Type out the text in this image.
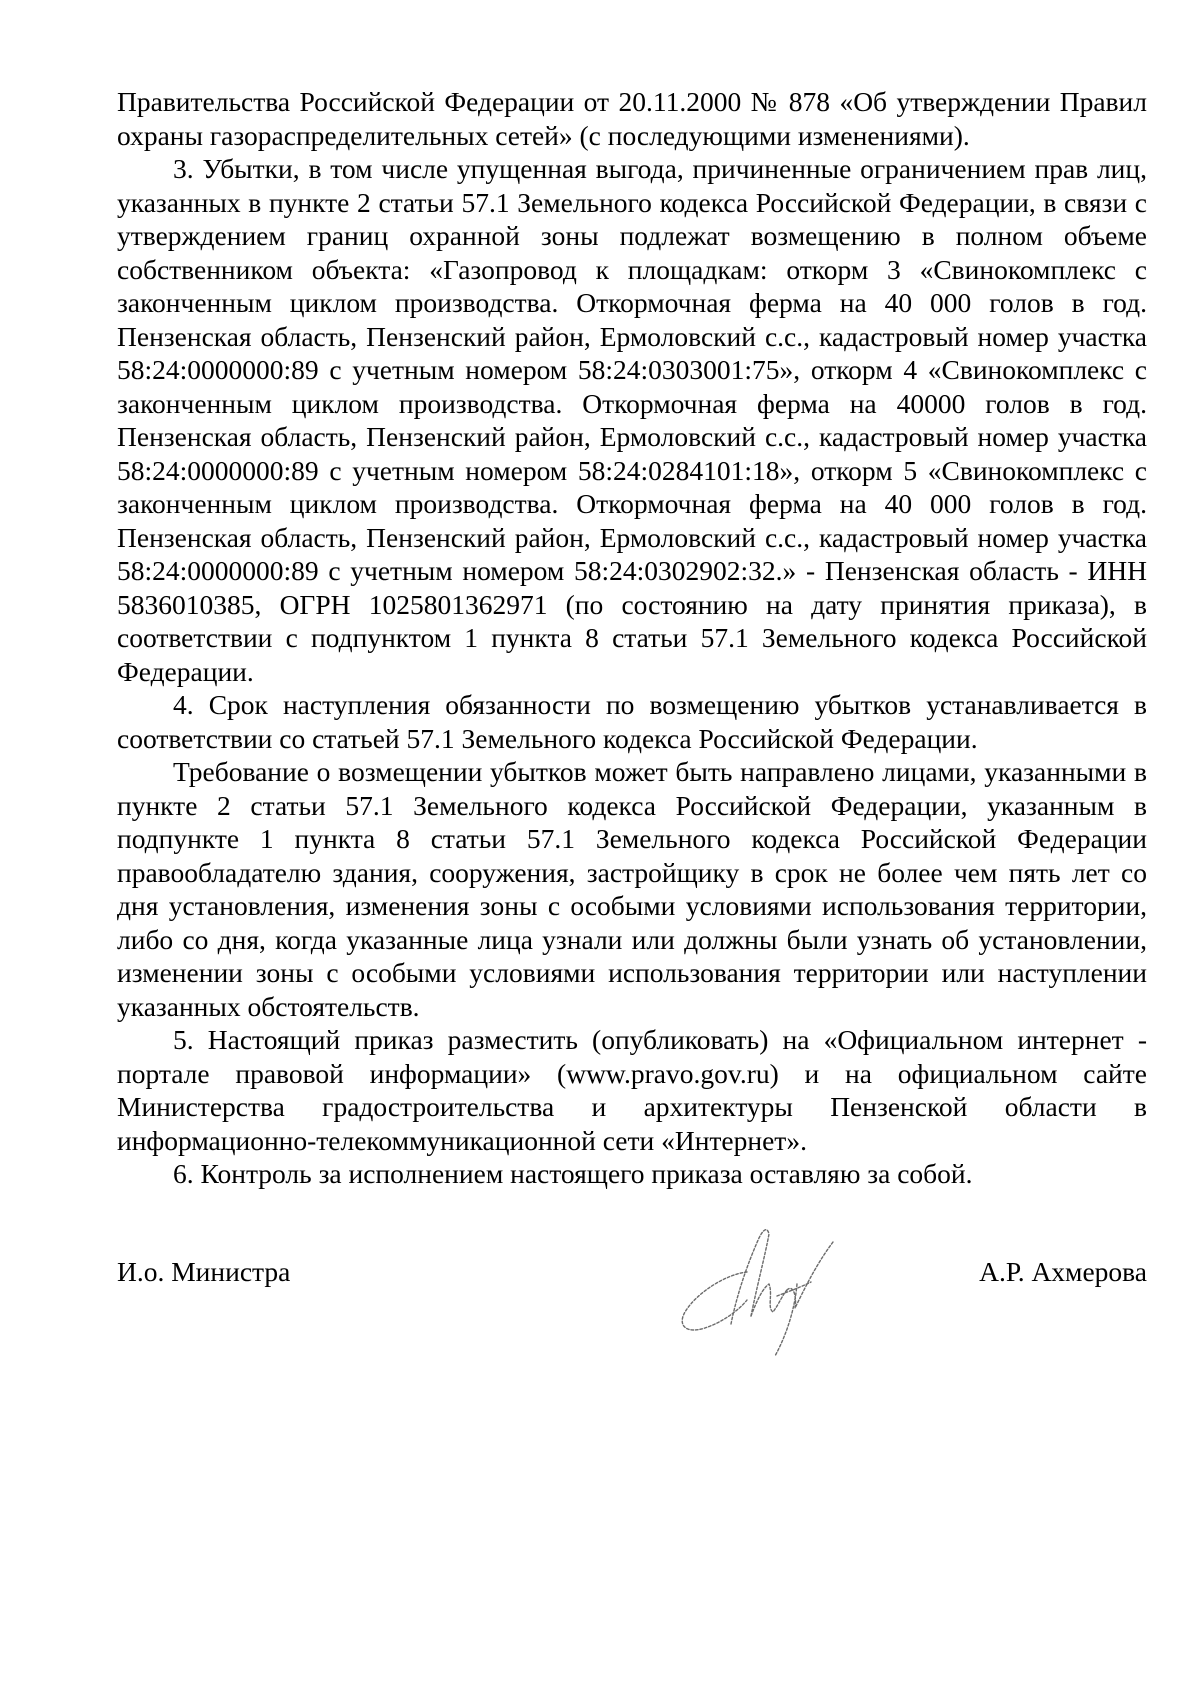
Правительства Российской Федерации от 20.11.2000 № 878 «Об утверждении Правил охраны газораспределительных сетей» (с последующими изменениями).

3. Убытки, в том числе упущенная выгода, причиненные ограничением прав лиц, указанных в пункте 2 статьи 57.1 Земельного кодекса Российской Федерации, в связи с утверждением границ охранной зоны подлежат возмещению в полном объеме собственником объекта: «Газопровод к площадкам: откорм 3 «Свинокомплекс с законченным циклом производства. Откормочная ферма на 40 000 голов в год. Пензенская область, Пензенский район, Ермоловский с.с., кадастровый номер участка 58:24:0000000:89 с учетным номером 58:24:0303001:75», откорм 4 «Свинокомплекс с законченным циклом производства. Откормочная ферма на 40000 голов в год. Пензенская область, Пензенский район, Ермоловский с.с., кадастровый номер участка 58:24:0000000:89 с учетным номером 58:24:0284101:18», откорм 5 «Свинокомплекс с законченным циклом производства. Откормочная ферма на 40 000 голов в год. Пензенская область, Пензенский район, Ермоловский с.с., кадастровый номер участка 58:24:0000000:89 с учетным номером 58:24:0302902:32.» - Пензенская область - ИНН 5836010385, ОГРН 1025801362971 (по состоянию на дату принятия приказа), в соответствии с подпунктом 1 пункта 8 статьи 57.1 Земельного кодекса Российской Федерации.

4. Срок наступления обязанности по возмещению убытков устанавливается в соответствии со статьей 57.1 Земельного кодекса Российской Федерации.

Требование о возмещении убытков может быть направлено лицами, указанными в пункте 2 статьи 57.1 Земельного кодекса Российской Федерации, указанным в подпункте 1 пункта 8 статьи 57.1 Земельного кодекса Российской Федерации правообладателю здания, сооружения, застройщику в срок не более чем пять лет со дня установления, изменения зоны с особыми условиями использования территории, либо со дня, когда указанные лица узнали или должны были узнать об установлении, изменении зоны с особыми условиями использования территории или наступлении указанных обстоятельств.

5. Настоящий приказ разместить (опубликовать) на «Официальном интернет - портале правовой информации» (www.pravo.gov.ru) и на официальном сайте Министерства градостроительства и архитектуры Пензенской области в информационно-телекоммуникационной сети «Интернет».

6. Контроль за исполнением настоящего приказа оставляю за собой.

И.о. Министра	А.Р. Ахмерова
